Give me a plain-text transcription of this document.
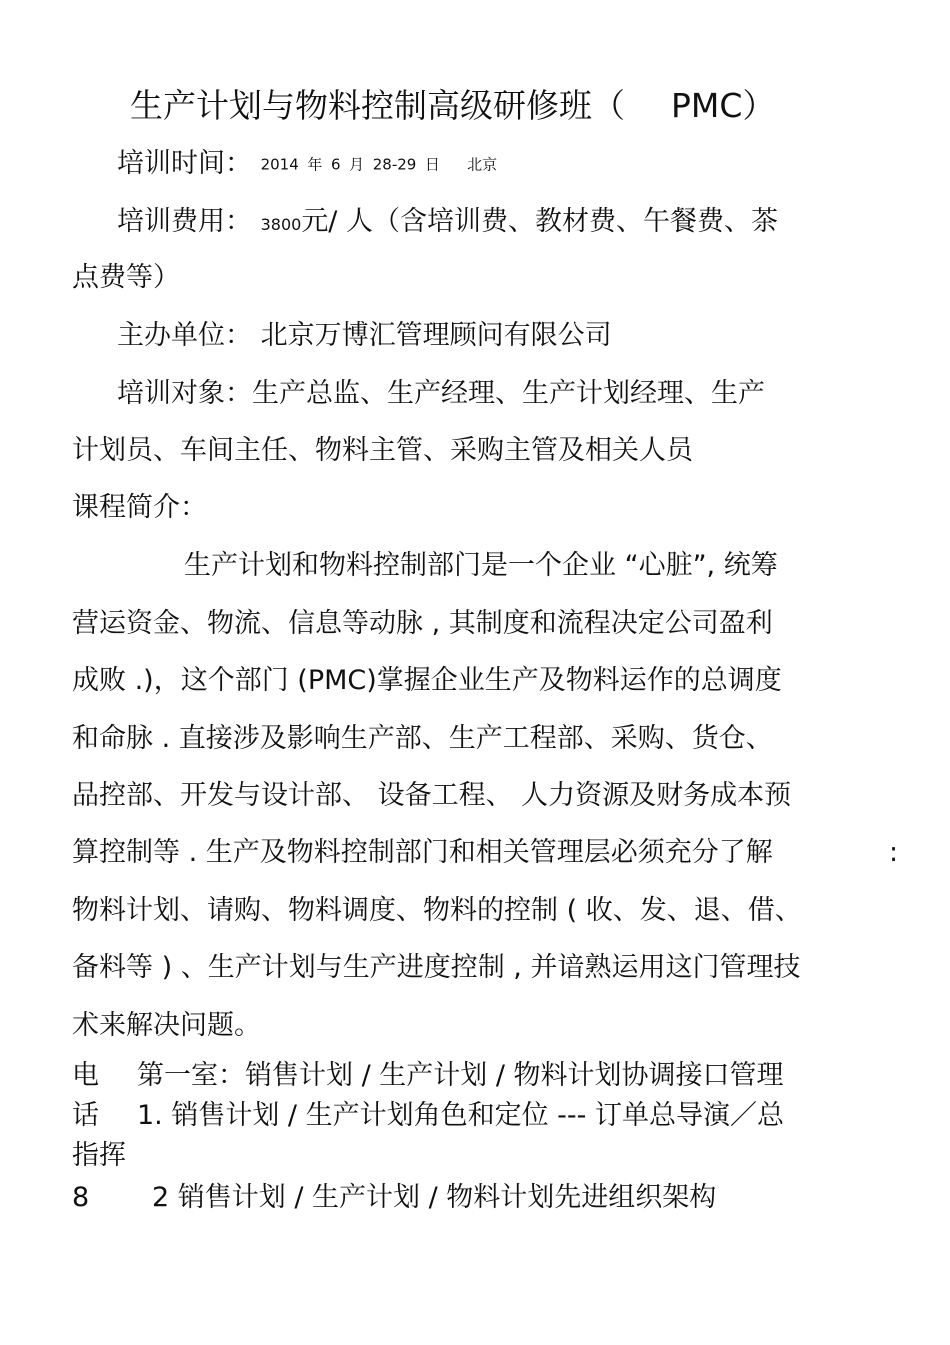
生产计划与物料控制高级研修班（ PMC）
培训时间： 2014 年 6 月 28-29 日 北京
培训费用： 3800元/ 人（含培训费、教材费、午餐费、茶
点费等）
主办单位： 北京万博汇管理顾问有限公司
培训对象：生产总监、生产经理、生产计划经理、生产
计划员、车间主任、物料主管、采购主管及相关人员
课程简介：
生产计划和物料控制部门是一个企业 “心脏”, 统筹
营运资金、物流、信息等动脉 , 其制度和流程决定公司盈利
成败 .)，这个部门 (PMC)掌握企业生产及物料运作的总调度
和命脉 . 直接涉及影响生产部、生产工程部、采购、货仓、
品控部、开发与设计部、 设备工程、 人力资源及财务成本预
算控制等 . 生产及物料控制部门和相关管理层必须充分了解	:
物料计划、请购、物料调度、物料的控制 ( 收、发、退、借、
备料等 ) 、生产计划与生产进度控制 , 并谙熟运用这门管理技
术来解决问题。
电 第一室：销售计划 / 生产计划 / 物料计划协调接口管理
话 1. 销售计划 / 生产计划角色和定位 --- 订单总导演／总
指挥
8 2 销售计划 / 生产计划 / 物料计划先进组织架构
